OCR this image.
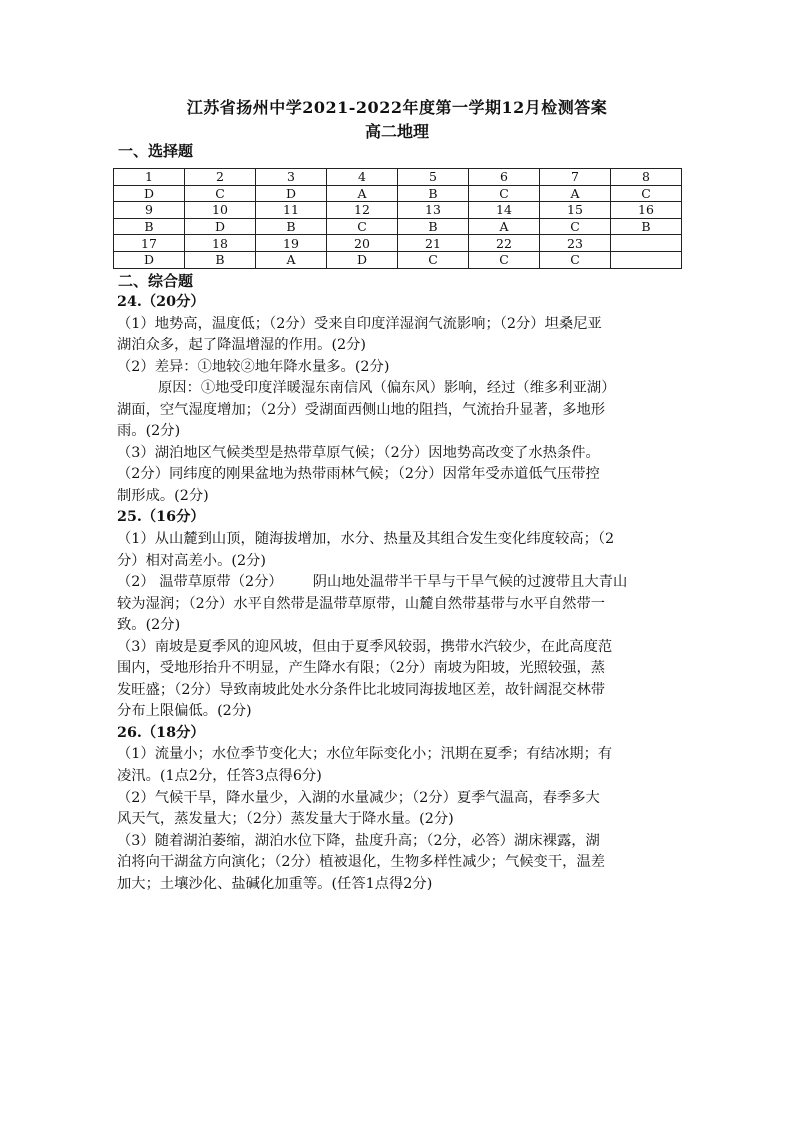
江苏省扬州中学2021-2022年度第一学期12月检测答案
高二地理
一、选择题
1	2	3	4	5	6	7	8
D	C	D	A	B	C	A	C
9	10	11	12	13	14	15	16
B	D	B	C	B	A	C	B
17	18	19	20	21	22	23	
D	B	A	D	C	C	C	
二、综合题
24.（20分）
（1）地势高，温度低；（2分）受来自印度洋湿润气流影响；（2分）坦桑尼亚
湖泊众多，起了降温增湿的作用。(2分)
（2）差异：①地较②地年降水量多。(2分)
原因：①地受印度洋暖湿东南信风（偏东风）影响，经过（维多利亚湖）
湖面，空气湿度增加；（2分）受湖面西侧山地的阻挡，气流抬升显著，多地形
雨。(2分)
（3）湖泊地区气候类型是热带草原气候；（2分）因地势高改变了水热条件。
（2分）同纬度的刚果盆地为热带雨林气候；（2分）因常年受赤道低气压带控
制形成。(2分)
25.（16分）
（1）从山麓到山顶，随海拔增加，水分、热量及其组合发生变化纬度较高；（2
分）相对高差小。(2分)
（2） 温带草原带（2分） 阴山地处温带半干旱与干旱气候的过渡带且大青山
较为湿润；（2分）水平自然带是温带草原带，山麓自然带基带与水平自然带一
致。(2分)
（3）南坡是夏季风的迎风坡，但由于夏季风较弱，携带水汽较少，在此高度范
围内，受地形抬升不明显，产生降水有限；（2分）南坡为阳坡，光照较强，蒸
发旺盛；（2分）导致南坡此处水分条件比北坡同海拔地区差，故针阔混交林带
分布上限偏低。(2分)
26.（18分）
（1）流量小；水位季节变化大；水位年际变化小；汛期在夏季；有结冰期；有
凌汛。(1点2分，任答3点得6分)
（2）气候干旱，降水量少，入湖的水量减少；（2分）夏季气温高，春季多大
风天气，蒸发量大；（2分）蒸发量大于降水量。(2分)
（3）随着湖泊萎缩，湖泊水位下降，盐度升高；（2分，必答）湖床裸露，湖
泊将向干湖盆方向演化；（2分）植被退化，生物多样性减少；气候变干，温差
加大；土壤沙化、盐碱化加重等。(任答1点得2分)
